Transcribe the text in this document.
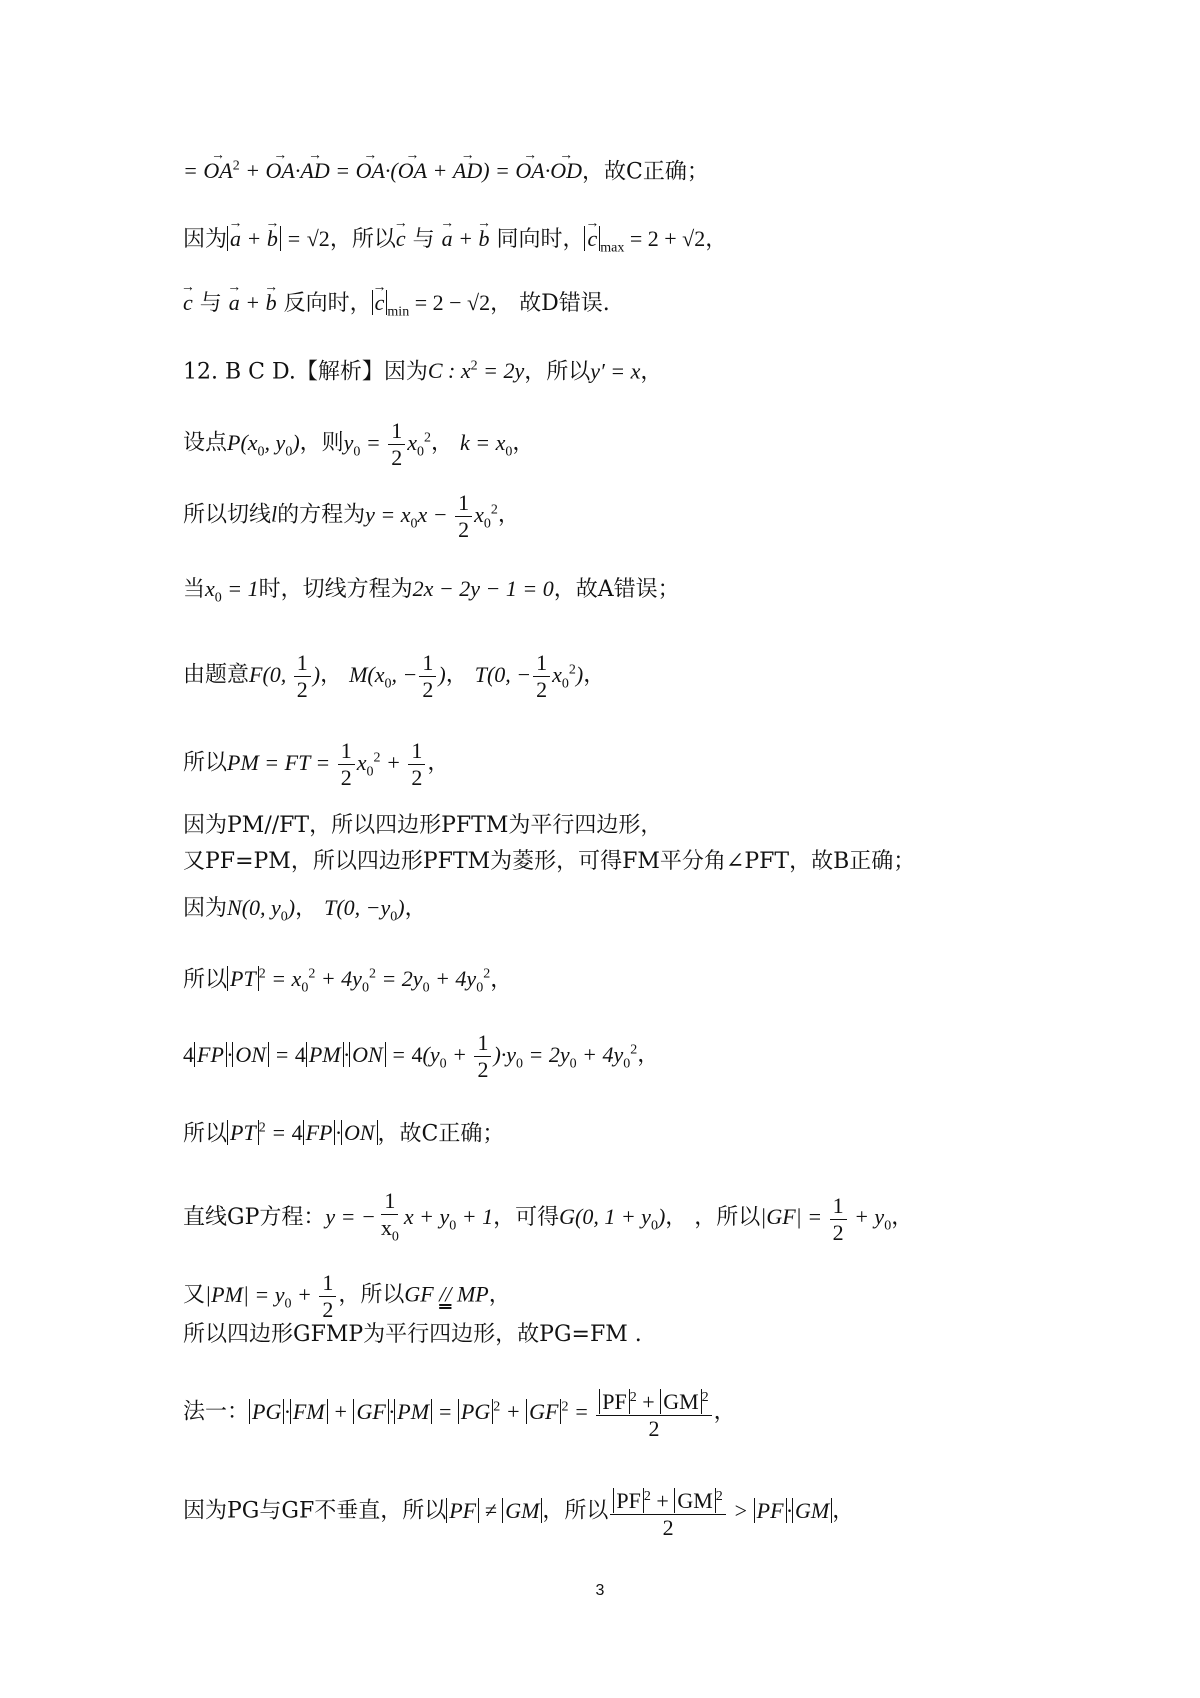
= OA →$^2$ + OA →·AD → = OA →·(OA → + AD →) = OA →·OD →，故C正确；
因为 a → + b → = √2，所以c → 与 a → + b → 同向时， c → $_{max}$ = 2 + √2，
c → 与 a → + b → 反向时， c → $_{min}$ = 2 − √2， 故D错误.
12. B C D.【解析】因为C : $x^2 = 2y$，所以y′ = x，
设点$P(x_0$, $y_0$)，则$y_0 = \frac{1}{2} x_0^2$， $k = x_0$，
所以切线l的方程为$y = x_0x - \frac{1}{2} x_0^2$，
当$x_0 = 1$时，切线方程为2x − 2y − 1 = 0，故A错误；
由题意F(0, $\frac{1}{2}$ )， $M(x_0$, − $\frac{1}{2}$ )， T(0, − $\frac{1}{2} x_0^2$)，
所以PM = FT = $\frac{1}{2} x_0^2 + \frac{1}{2}$ ，
因为PM//FT，所以四边形PFTM为平行四边形，
又PF=PM，所以四边形PFTM为菱形，可得FM平分角∠PFT，故B正确；
因为N(0, $y_0$)， T(0, $-y_0$)，
所以 PT $^2 = x_0^2 + 4y_0^2 = 2y_0 + 4y_0^2$，
4 FP · ON = 4 PM · ON = $4(y_0 + \frac{1}{2} )\cdot y_0 = 2y_0 + 4y_0^2$，
所以 PT $^2$ = 4 FP · ON ，故C正确；
直线GP方程：y = − $\frac{1}{x_0}$ $x + y_0 + 1$，可得G(0, $1 + y_0$)， ，所以$|GF| = \frac{1}{2} + y_0$，
又$|PM| = y_0 + \frac{1}{2}$ ，所以GF // MP，
所以四边形GFMP为平行四边形，故PG=FM .
法一： PG · FM + GF · PM = PG $^2$ + GF $^2 = \frac{PF ^2 + GM ^2}{2}$ ，
因为PG与GF不垂直，所以 PF ≠ GM ，所以 $\frac{PF ^2 + GM ^2}{2}$ > PF · GM ，
3
